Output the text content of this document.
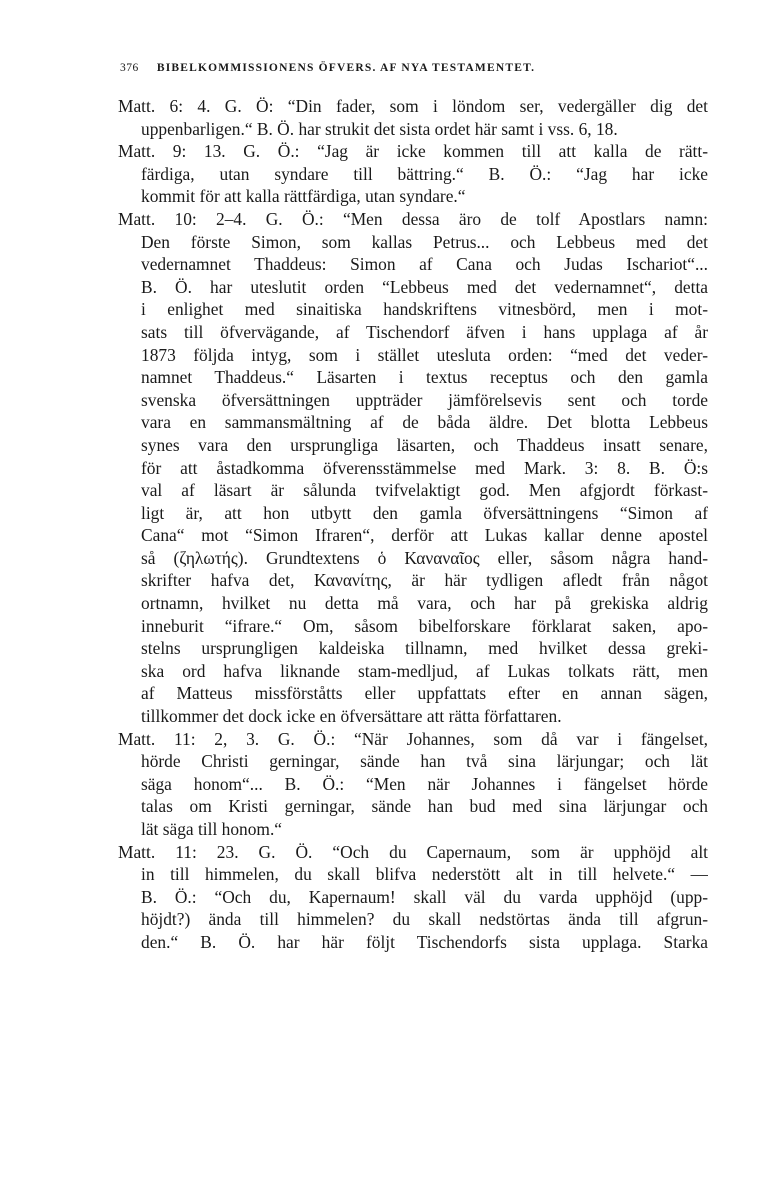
376 BIBELKOMMISSIONENS ÖFVERS. AF NYA TESTAMENTET.
Matt. 6: 4. G. Ö: “Din fader, som i löndom ser, vedergäller dig det
uppenbarligen.“ B. Ö. har strukit det sista ordet här samt i vss. 6, 18.
Matt. 9: 13. G. Ö.: “Jag är icke kommen till att kalla de rätt-
färdiga, utan syndare till bättring.“ B. Ö.: “Jag har icke
kommit för att kalla rättfärdiga, utan syndare.“
Matt. 10: 2–4. G. Ö.: “Men dessa äro de tolf Apostlars namn:
Den förste Simon, som kallas Petrus... och Lebbeus med det
vedernamnet Thaddeus: Simon af Cana och Judas Ischariot“...
B. Ö. har uteslutit orden “Lebbeus med det vedernamnet“, detta
i enlighet med sinaitiska handskriftens vitnesbörd, men i mot-
sats till öfvervägande, af Tischendorf äfven i hans upplaga af år
1873 följda intyg, som i stället utesluta orden: “med det veder-
namnet Thaddeus.“ Läsarten i textus receptus och den gamla
svenska öfversättningen uppträder jämförelsevis sent och torde
vara en sammansmältning af de båda äldre. Det blotta Lebbeus
synes vara den ursprungliga läsarten, och Thaddeus insatt senare,
för att åstadkomma öfverensstämmelse med Mark. 3: 8. B. Ö:s
val af läsart är sålunda tvifvelaktigt god. Men afgjordt förkast-
ligt är, att hon utbytt den gamla öfversättningens “Simon af
Cana“ mot “Simon Ifraren“, derför att Lukas kallar denne apostel
så (ζηλωτής). Grundtextens ὁ Καναναῖος eller, såsom några hand-
skrifter hafva det, Κανανίτης, är här tydligen afledt från något
ortnamn, hvilket nu detta må vara, och har på grekiska aldrig
inneburit “ifrare.“ Om, såsom bibelforskare förklarat saken, apo-
stelns ursprungligen kaldeiska tillnamn, med hvilket dessa greki-
ska ord hafva liknande stam-medljud, af Lukas tolkats rätt, men
af Matteus missförståtts eller uppfattats efter en annan sägen,
tillkommer det dock icke en öfversättare att rätta författaren.
Matt. 11: 2, 3. G. Ö.: “När Johannes, som då var i fängelset,
hörde Christi gerningar, sände han två sina lärjungar; och lät
säga honom“... B. Ö.: “Men när Johannes i fängelset hörde
talas om Kristi gerningar, sände han bud med sina lärjungar och
lät säga till honom.“
Matt. 11: 23. G. Ö. “Och du Capernaum, som är upphöjd alt
in till himmelen, du skall blifva nederstött alt in till helvete.“ —
B. Ö.: “Och du, Kapernaum! skall väl du varda upphöjd (upp-
höjdt?) ända till himmelen? du skall nedstörtas ända till afgrun-
den.“ B. Ö. har här följt Tischendorfs sista upplaga. Starka
